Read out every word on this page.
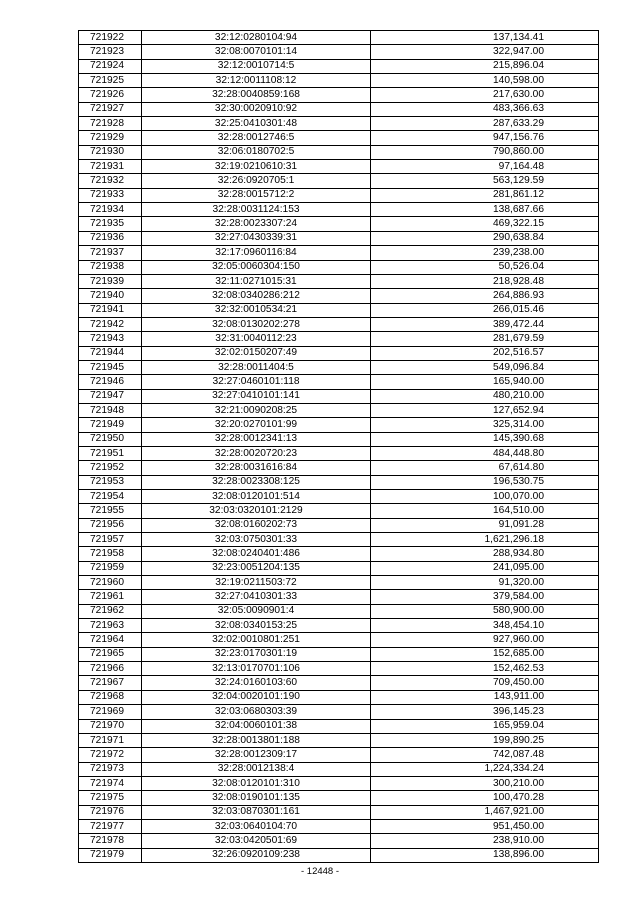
721922	32:12:0280104:94	137,134.41
721923	32:08:0070101:14	322,947.00
721924	32:12:0010714:5	215,896.04
721925	32:12:0011108:12	140,598.00
721926	32:28:0040859:168	217,630.00
721927	32:30:0020910:92	483,366.63
721928	32:25:0410301:48	287,633.29
721929	32:28:0012746:5	947,156.76
721930	32:06:0180702:5	790,860.00
721931	32:19:0210610:31	97,164.48
721932	32:26:0920705:1	563,129.59
721933	32:28:0015712:2	281,861.12
721934	32:28:0031124:153	138,687.66
721935	32:28:0023307:24	469,322.15
721936	32:27:0430339:31	290,638.84
721937	32:17:0960116:84	239,238.00
721938	32:05:0060304:150	50,526.04
721939	32:11:0271015:31	218,928.48
721940	32:08:0340286:212	264,886.93
721941	32:32:0010534:21	266,015.46
721942	32:08:0130202:278	389,472.44
721943	32:31:0040112:23	281,679.59
721944	32:02:0150207:49	202,516.57
721945	32:28:0011404:5	549,096.84
721946	32:27:0460101:118	165,940.00
721947	32:27:0410101:141	480,210.00
721948	32:21:0090208:25	127,652.94
721949	32:20:0270101:99	325,314.00
721950	32:28:0012341:13	145,390.68
721951	32:28:0020720:23	484,448.80
721952	32:28:0031616:84	67,614.80
721953	32:28:0023308:125	196,530.75
721954	32:08:0120101:514	100,070.00
721955	32:03:0320101:2129	164,510.00
721956	32:08:0160202:73	91,091.28
721957	32:03:0750301:33	1,621,296.18
721958	32:08:0240401:486	288,934.80
721959	32:23:0051204:135	241,095.00
721960	32:19:0211503:72	91,320.00
721961	32:27:0410301:33	379,584.00
721962	32:05:0090901:4	580,900.00
721963	32:08:0340153:25	348,454.10
721964	32:02:0010801:251	927,960.00
721965	32:23:0170301:19	152,685.00
721966	32:13:0170701:106	152,462.53
721967	32:24:0160103:60	709,450.00
721968	32:04:0020101:190	143,911.00
721969	32:03:0680303:39	396,145.23
721970	32:04:0060101:38	165,959.04
721971	32:28:0013801:188	199,890.25
721972	32:28:0012309:17	742,087.48
721973	32:28:0012138:4	1,224,334.24
721974	32:08:0120101:310	300,210.00
721975	32:08:0190101:135	100,470.28
721976	32:03:0870301:161	1,467,921.00
721977	32:03:0640104:70	951,450.00
721978	32:03:0420501:69	238,910.00
721979	32:26:0920109:238	138,896.00
- 12448 -
